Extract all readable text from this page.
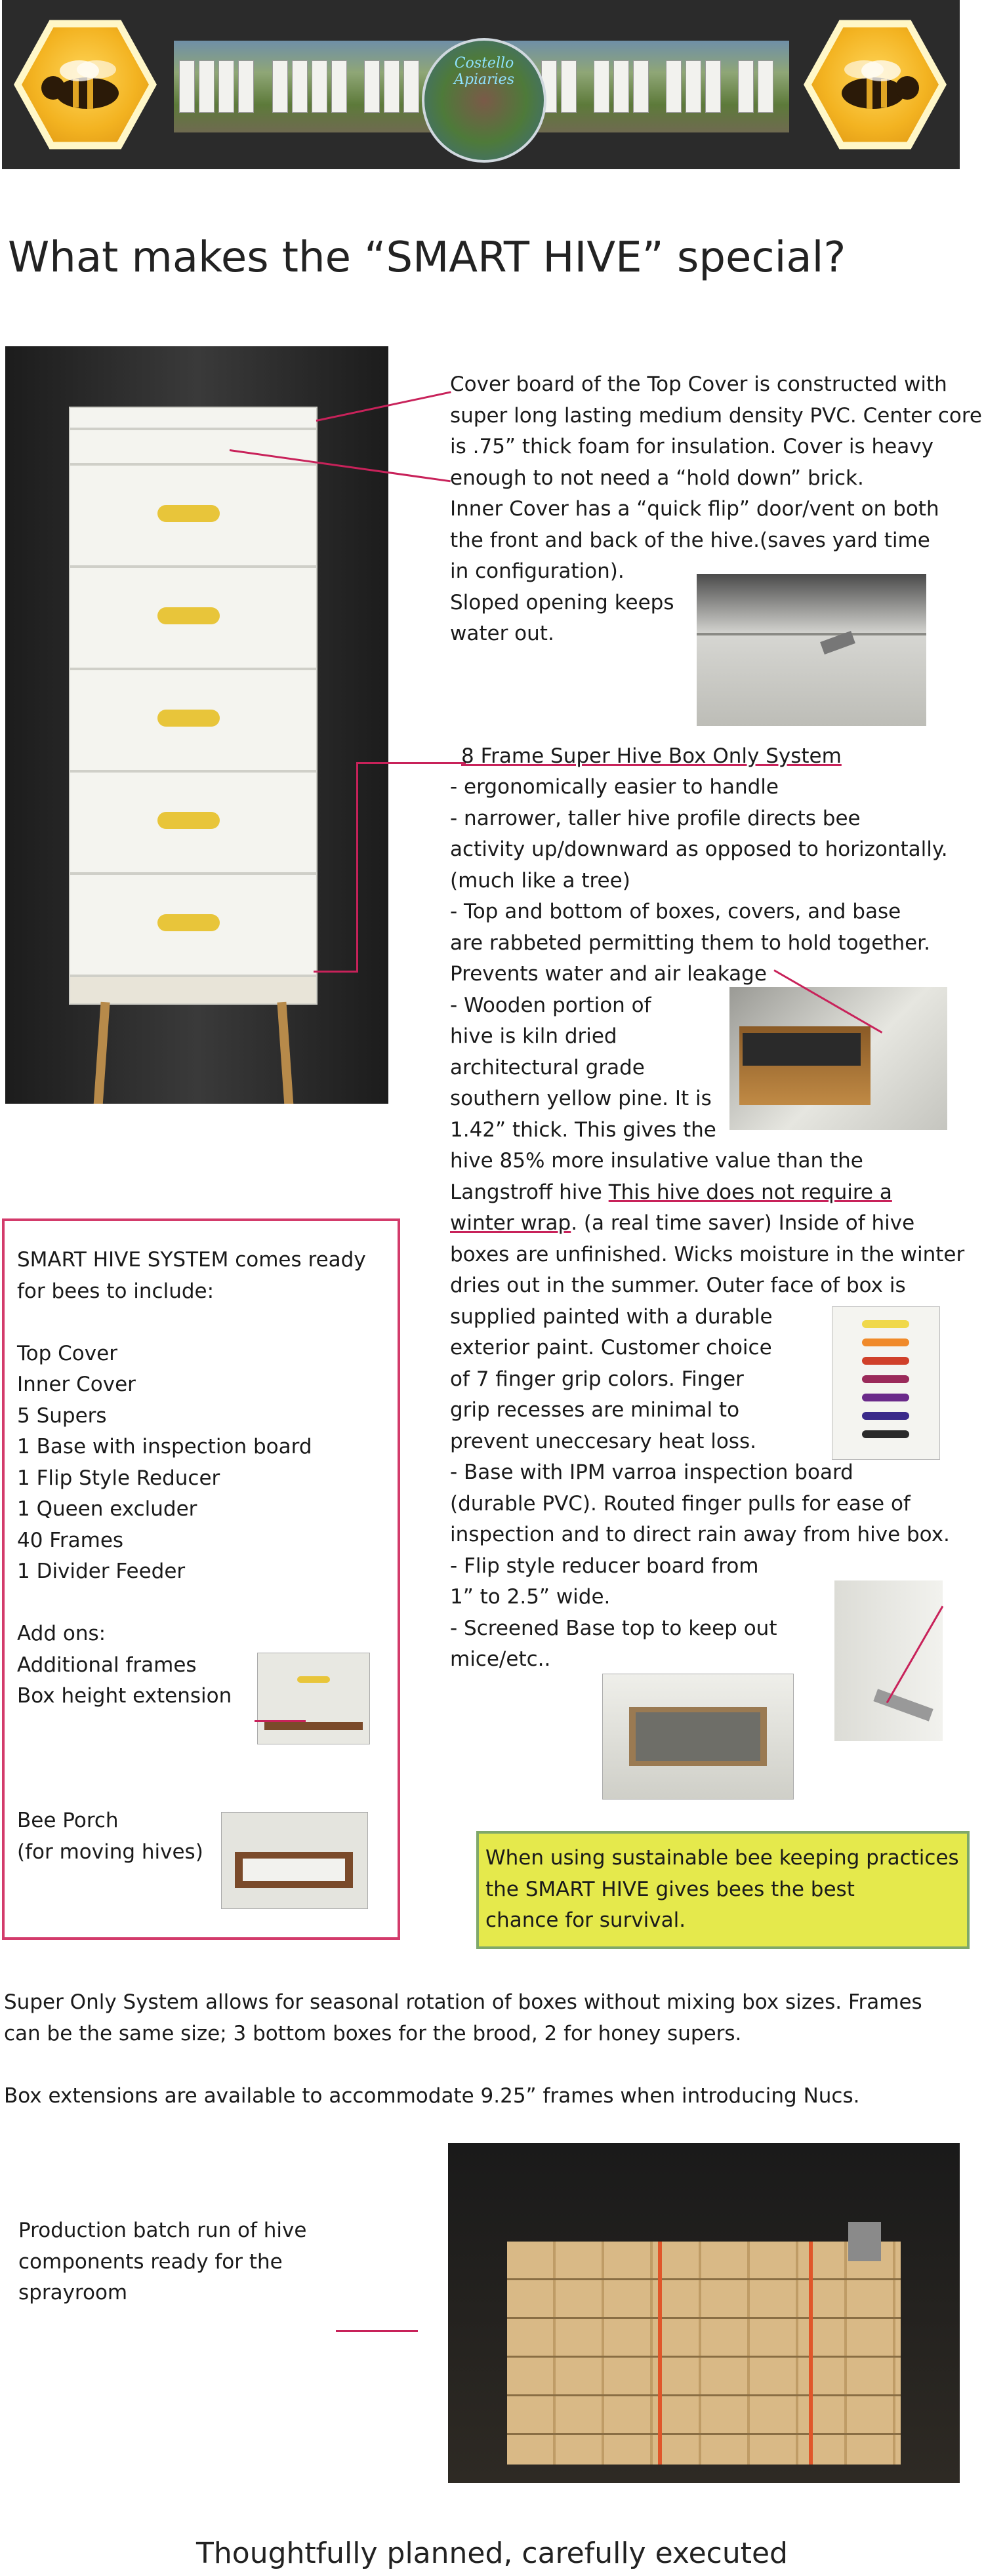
Costello Apiaries
What makes the “SMART HIVE” special?

Cover board of the Top Cover is constructed with

super long lasting medium density PVC. Center core

is .75” thick foam for insulation. Cover is heavy

enough to not need a “hold down” brick.

Inner Cover has a “quick flip” door/vent on both

the front and back of the hive.(saves yard time

in configuration).

Sloped opening keeps

water out.

8 Frame Super Hive Box Only System

- ergonomically easier to handle

- narrower, taller hive profile directs bee

activity up/downward as opposed to horizontally.

(much like a tree)

- Top and bottom of boxes, covers, and base

are rabbeted permitting them to hold together.

Prevents water and air leakage

- Wooden portion of

hive is kiln dried

architectural grade

southern yellow pine. It is

1.42” thick. This gives the

hive 85% more insulative value than the

Langstroff hive This hive does not require a

winter wrap. (a real time saver) Inside of hive

boxes are unfinished. Wicks moisture in the winter

dries out in the summer. Outer face of box is

supplied painted with a durable

exterior paint. Customer choice

of 7 finger grip colors. Finger

grip recesses are minimal to

prevent uneccesary heat loss.

- Base with IPM varroa inspection board

(durable PVC). Routed finger pulls for ease of

inspection and to direct rain away from hive box.

- Flip style reducer board from

1” to 2.5” wide.

- Screened Base top to keep out

mice/etc..

SMART HIVE SYSTEM comes ready

for bees to include:

Top Cover

Inner Cover

5 Supers

1 Base with inspection board

1 Flip Style Reducer

1 Queen excluder

40 Frames

1 Divider Feeder

Add ons:

Additional frames

Box height extension

Bee Porch

(for moving hives)	When using sustainable bee keeping practices

the SMART HIVE gives bees the best

chance for survival.

Super Only System allows for seasonal rotation of boxes without mixing box sizes. Frames

can be the same size; 3 bottom boxes for the brood, 2 for honey supers.

Box extensions are available to accommodate 9.25” frames when introducing Nucs.

Production batch run of hive

components ready for the

sprayroom

Thoughtfully planned, carefully executed
